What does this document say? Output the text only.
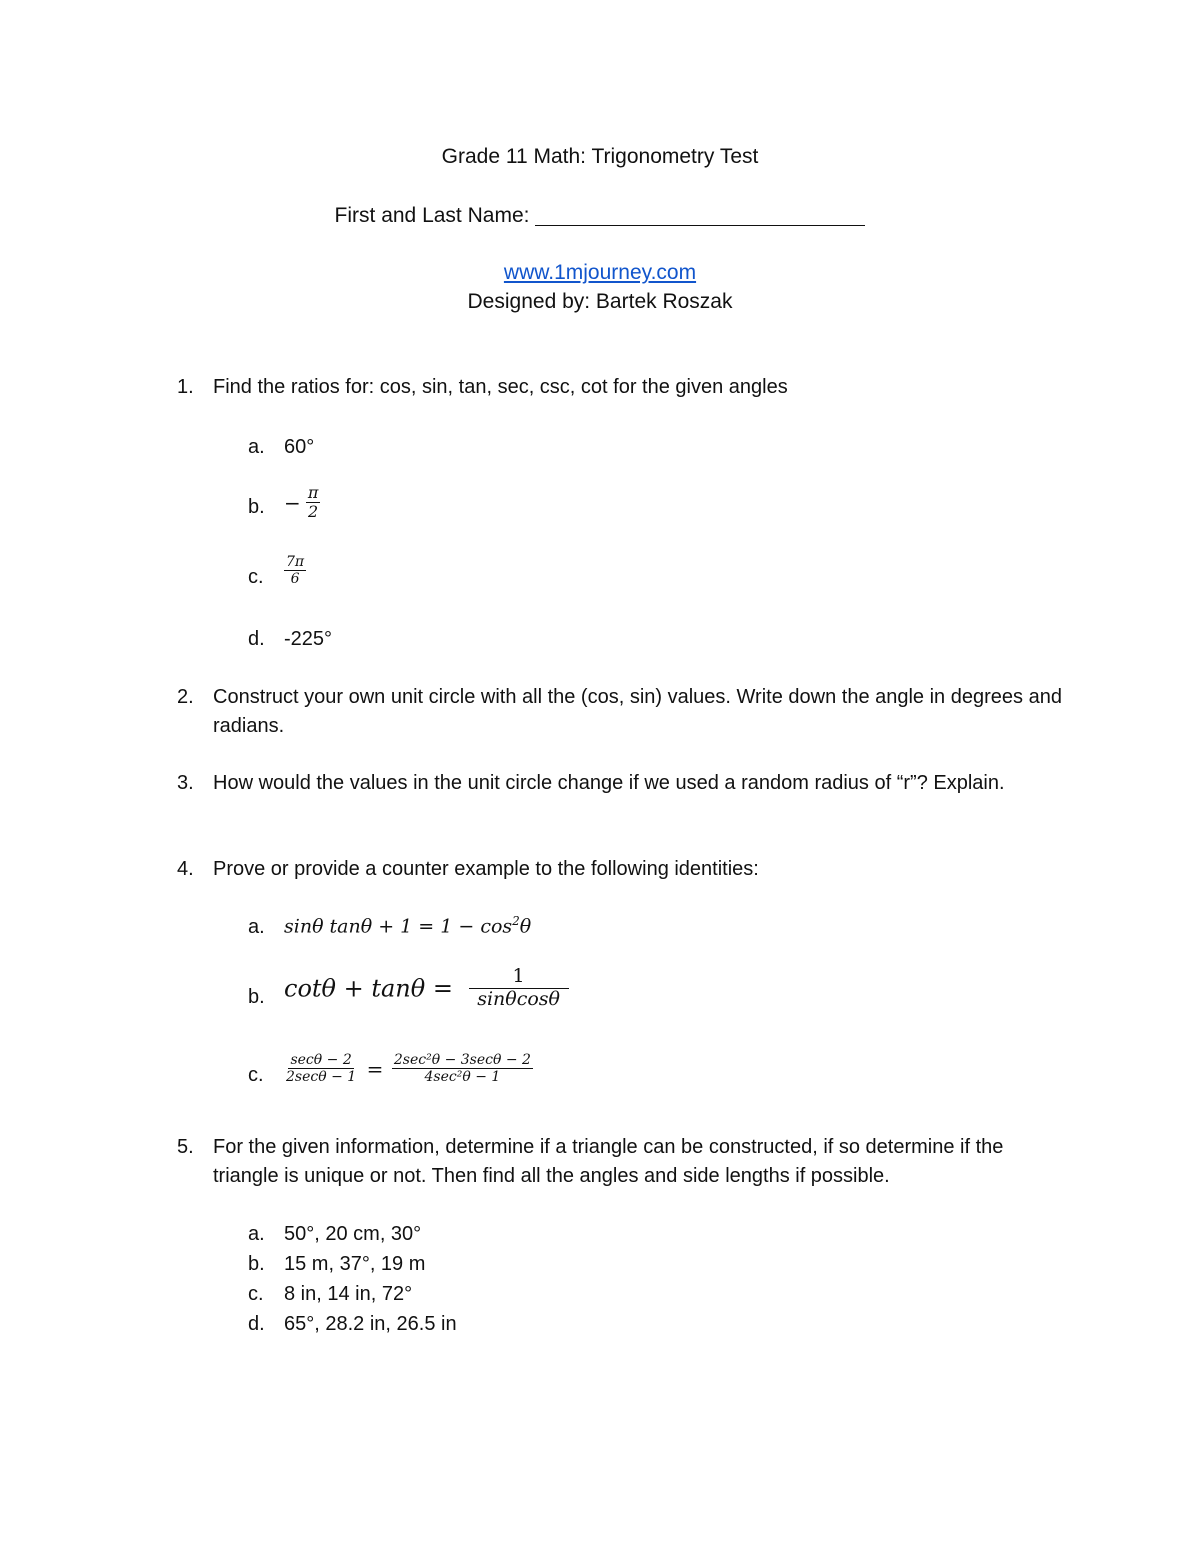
Grade 11 Math: Trigonometry Test
First and Last Name:
www.1mjourney.com
Designed by: Bartek Roszak
1. Find the ratios for: cos, sin, tan, sec, csc, cot for the given angles
a. 60°
b. − $\frac{\pi}{2}$
c. $\frac{7\pi}{6}$
d. -225°
2. Construct your own unit circle with all the (cos, sin) values. Write down the angle in degrees and radians.
3. How would the values in the unit circle change if we used a random radius of “r”? Explain.
4. Prove or provide a counter example to the following identities:
a. sinθ $\tan\theta + 1 = 1 - \cos^2\theta$
b. $\cot\theta + \tan\theta = \frac{1}{\sin\theta\cos\theta}$
c. $\frac{\sec\theta - 2}{2\sec\theta - 1} = \frac{\text{2sec²θ − 3secθ − 2}}{\text{4sec²θ − 1}}$
5. For the given information, determine if a triangle can be constructed, if so determine if the triangle is unique or not. Then find all the angles and side lengths if possible.
a. 50°, 20 cm, 30°
b. 15 m, 37°, 19 m
c. 8 in, 14 in, 72°
d. 65°, 28.2 in, 26.5 in
